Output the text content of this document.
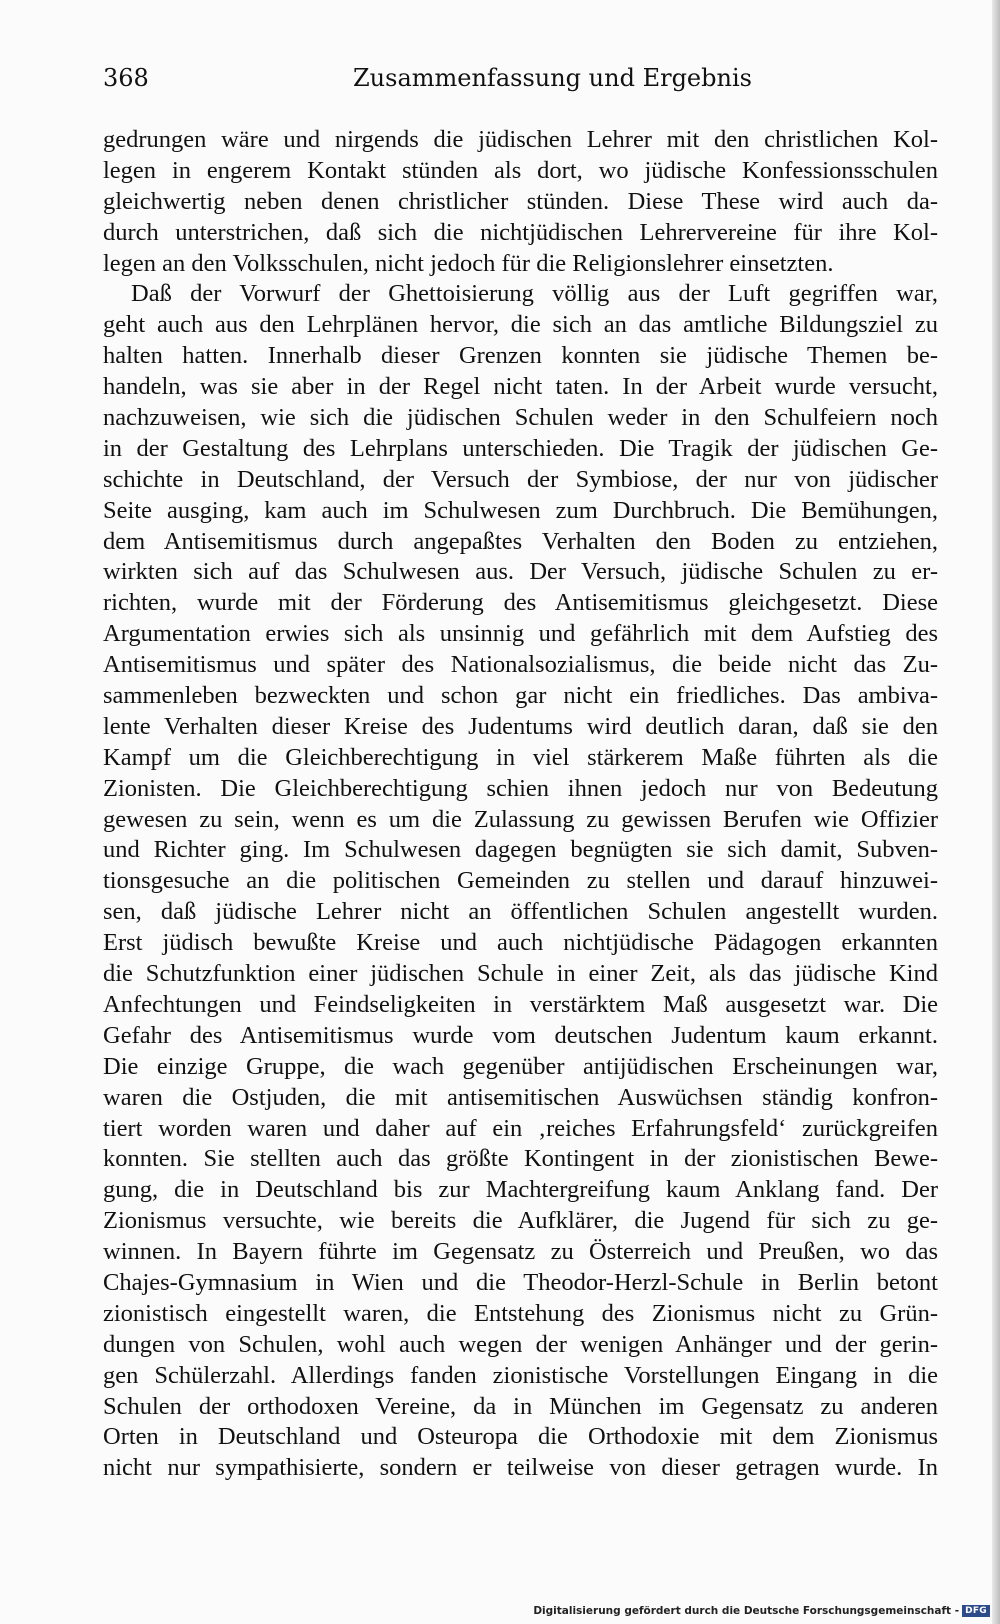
368	Zusammenfassung und Ergebnis
gedrungen wäre und nirgends die jüdischen Lehrer mit den christlichen Kol-
legen in engerem Kontakt stünden als dort, wo jüdische Konfessionsschulen
gleichwertig neben denen christlicher stünden. Diese These wird auch da-
durch unterstrichen, daß sich die nichtjüdischen Lehrervereine für ihre Kol-
legen an den Volksschulen, nicht jedoch für die Religionslehrer einsetzten.
Daß der Vorwurf der Ghettoisierung völlig aus der Luft gegriffen war,
geht auch aus den Lehrplänen hervor, die sich an das amtliche Bildungsziel zu
halten hatten. Innerhalb dieser Grenzen konnten sie jüdische Themen be-
handeln, was sie aber in der Regel nicht taten. In der Arbeit wurde versucht,
nachzuweisen, wie sich die jüdischen Schulen weder in den Schulfeiern noch
in der Gestaltung des Lehrplans unterschieden. Die Tragik der jüdischen Ge-
schichte in Deutschland, der Versuch der Symbiose, der nur von jüdischer
Seite ausging, kam auch im Schulwesen zum Durchbruch. Die Bemühungen,
dem Antisemitismus durch angepaßtes Verhalten den Boden zu entziehen,
wirkten sich auf das Schulwesen aus. Der Versuch, jüdische Schulen zu er-
richten, wurde mit der Förderung des Antisemitismus gleichgesetzt. Diese
Argumentation erwies sich als unsinnig und gefährlich mit dem Aufstieg des
Antisemitismus und später des Nationalsozialismus, die beide nicht das Zu-
sammenleben bezweckten und schon gar nicht ein friedliches. Das ambiva-
lente Verhalten dieser Kreise des Judentums wird deutlich daran, daß sie den
Kampf um die Gleichberechtigung in viel stärkerem Maße führten als die
Zionisten. Die Gleichberechtigung schien ihnen jedoch nur von Bedeutung
gewesen zu sein, wenn es um die Zulassung zu gewissen Berufen wie Offizier
und Richter ging. Im Schulwesen dagegen begnügten sie sich damit, Subven-
tionsgesuche an die politischen Gemeinden zu stellen und darauf hinzuwei-
sen, daß jüdische Lehrer nicht an öffentlichen Schulen angestellt wurden.
Erst jüdisch bewußte Kreise und auch nichtjüdische Pädagogen erkannten
die Schutzfunktion einer jüdischen Schule in einer Zeit, als das jüdische Kind
Anfechtungen und Feindseligkeiten in verstärktem Maß ausgesetzt war. Die
Gefahr des Antisemitismus wurde vom deutschen Judentum kaum erkannt.
Die einzige Gruppe, die wach gegenüber antijüdischen Erscheinungen war,
waren die Ostjuden, die mit antisemitischen Auswüchsen ständig konfron-
tiert worden waren und daher auf ein ‚reiches Erfahrungsfeld‘ zurückgreifen
konnten. Sie stellten auch das größte Kontingent in der zionistischen Bewe-
gung, die in Deutschland bis zur Machtergreifung kaum Anklang fand. Der
Zionismus versuchte, wie bereits die Aufklärer, die Jugend für sich zu ge-
winnen. In Bayern führte im Gegensatz zu Österreich und Preußen, wo das
Chajes-Gymnasium in Wien und die Theodor-Herzl-Schule in Berlin betont
zionistisch eingestellt waren, die Entstehung des Zionismus nicht zu Grün-
dungen von Schulen, wohl auch wegen der wenigen Anhänger und der gerin-
gen Schülerzahl. Allerdings fanden zionistische Vorstellungen Eingang in die
Schulen der orthodoxen Vereine, da in München im Gegensatz zu anderen
Orten in Deutschland und Osteuropa die Orthodoxie mit dem Zionismus
nicht nur sympathisierte, sondern er teilweise von dieser getragen wurde. In
Digitalisierung gefördert durch die Deutsche Forschungsgemeinschaft - DFG
